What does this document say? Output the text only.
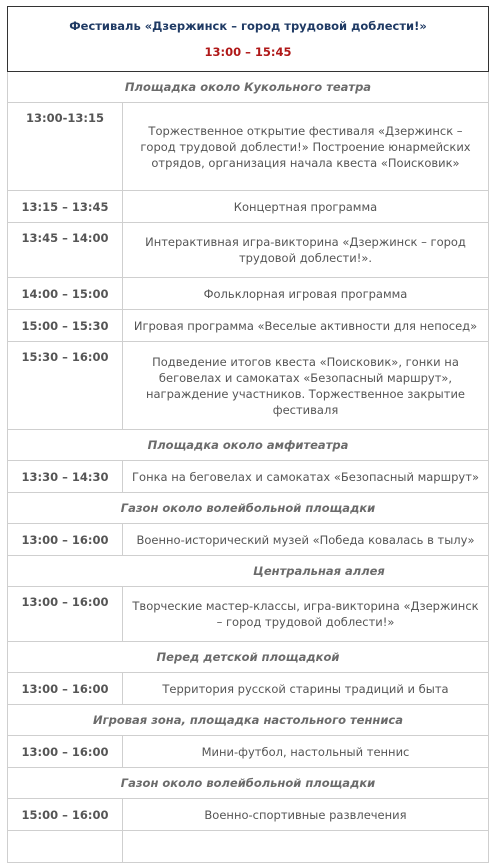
Фестиваль «Дзержинск – город трудовой доблести!»
13:00 – 15:45	

Площадка около Кукольного театра	
13:00-13:15	Торжественное открытие фестиваля «Дзержинск – город трудовой доблести!» Построение юнармейских отрядов, организация начала квеста «Поисковик»
13:15 – 13:45	Концертная программа
13:45 – 14:00	Интерактивная игра-викторина «Дзержинск – город трудовой доблести!».
14:00 – 15:00	Фольклорная игровая программа
15:00 – 15:30	Игровая программа «Веселые активности для непосед»
15:30 – 16:00	Подведение итогов квеста «Поисковик», гонки на беговелах и самокатах «Безопасный маршрут», награждение участников. Торжественное закрытие фестиваля
Площадка около амфитеатра	
13:30 – 14:30	Гонка на беговелах и самокатах «Безопасный маршрут»
Газон около волейбольной площадки	
13:00 – 16:00	Военно-исторический музей «Победа ковалась в тылу»
Центральная аллея	
13:00 – 16:00	Творческие мастер-классы, игра-викторина «Дзержинск – город трудовой доблести!»
Перед детской площадкой	
13:00 – 16:00	Территория русской старины традиций и быта
Игровая зона, площадка настольного тенниса	
13:00 – 16:00	Мини-футбол, настольный теннис
Газон около волейбольной площадки	
15:00 – 16:00	Военно-спортивные развлечения
